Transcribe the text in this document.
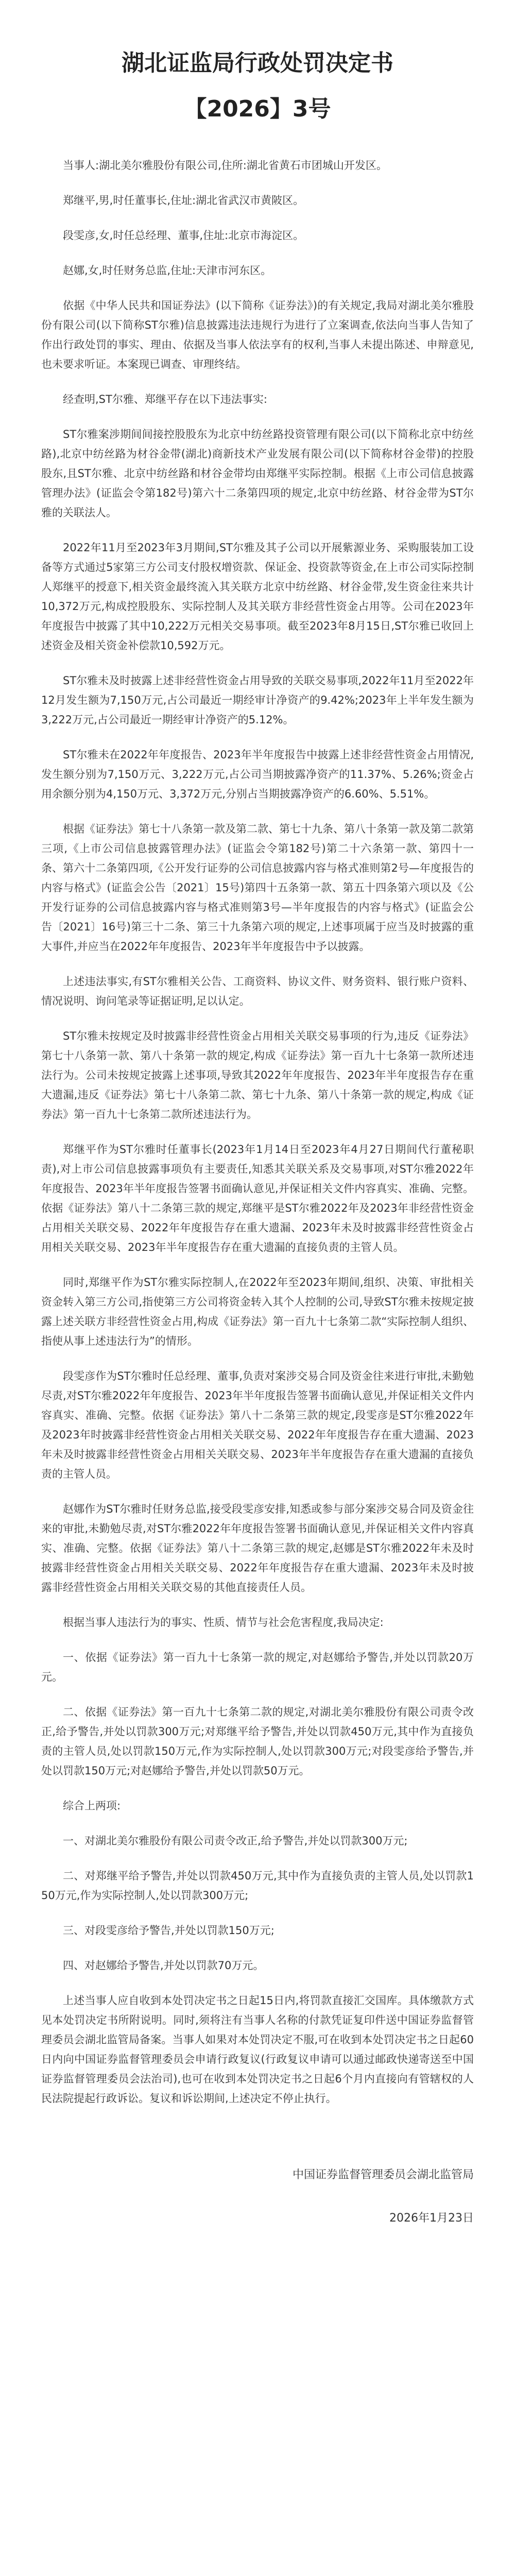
湖北证监局行政处罚决定书
【2026】3号

当事人:湖北美尔雅股份有限公司,住所:湖北省黄石市团城山开发区。

郑继平,男,时任董事长,住址:湖北省武汉市黄陂区。

段雯彦,女,时任总经理、董事,住址:北京市海淀区。

赵娜,女,时任财务总监,住址:天津市河东区。

依据《中华人民共和国证券法》(以下简称《证券法》)的有关规定,我局对湖北美尔雅股份有限公司(以下简称ST尔雅)信息披露违法违规行为进行了立案调查,依法向当事人告知了作出行政处罚的事实、理由、依据及当事人依法享有的权利,当事人未提出陈述、申辩意见,也未要求听证。本案现已调查、审理终结。

经查明,ST尔雅、郑继平存在以下违法事实:

ST尔雅案涉期间间接控股股东为北京中纺丝路投资管理有限公司(以下简称北京中纺丝路),北京中纺丝路为材谷金带(湖北)商新技术产业发展有限公司(以下简称材谷金带)的控股股东,且ST尔雅、北京中纺丝路和材谷金带均由郑继平实际控制。根据《上市公司信息披露管理办法》(证监会令第182号)第六十二条第四项的规定,北京中纺丝路、材谷金带为ST尔雅的关联法人。

2022年11月至2023年3月期间,ST尔雅及其子公司以开展紫源业务、采购服装加工设备等方式通过5家第三方公司支付股权增资款、保证金、投资款等资金,在上市公司实际控制人郑继平的授意下,相关资金最终流入其关联方北京中纺丝路、材谷金带,发生资金往来共计10,372万元,构成控股股东、实际控制人及其关联方非经营性资金占用等。公司在2023年年度报告中披露了其中10,222万元相关交易事项。截至2023年8月15日,ST尔雅已收回上述资金及相关资金补偿款10,592万元。

ST尔雅未及时披露上述非经营性资金占用导致的关联交易事项,2022年11月至2022年12月发生额为7,150万元,占公司最近一期经审计净资产的9.42%;2023年上半年发生额为3,222万元,占公司最近一期经审计净资产的5.12%。

ST尔雅未在2022年年度报告、2023年半年度报告中披露上述非经营性资金占用情况,发生额分别为7,150万元、3,222万元,占公司当期披露净资产的11.37%、5.26%;资金占用余额分别为4,150万元、3,372万元,分别占当期披露净资产的6.60%、5.51%。

根据《证券法》第七十八条第一款及第二款、第七十九条、第八十条第一款及第二款第三项,《上市公司信息披露管理办法》(证监会令第182号)第二十六条第一款、第四十一条、第六十二条第四项,《公开发行证券的公司信息披露内容与格式准则第2号—年度报告的内容与格式》(证监会公告〔2021〕15号)第四十五条第一款、第五十四条第六项以及《公开发行证券的公司信息披露内容与格式准则第3号—半年度报告的内容与格式》(证监会公告〔2021〕16号)第三十二条、第三十九条第六项的规定,上述事项属于应当及时披露的重大事件,并应当在2022年年度报告、2023年半年度报告中予以披露。

上述违法事实,有ST尔雅相关公告、工商资料、协议文件、财务资料、银行账户资料、情况说明、询问笔录等证据证明,足以认定。

ST尔雅未按规定及时披露非经营性资金占用相关关联交易事项的行为,违反《证券法》第七十八条第一款、第八十条第一款的规定,构成《证券法》第一百九十七条第一款所述违法行为。公司未按规定披露上述事项,导致其2022年年度报告、2023年半年度报告存在重大遗漏,违反《证券法》第七十八条第二款、第七十九条、第八十条第一款的规定,构成《证券法》第一百九十七条第二款所述违法行为。

郑继平作为ST尔雅时任董事长(2023年1月14日至2023年4月27日期间代行董秘职责),对上市公司信息披露事项负有主要责任,知悉其关联关系及交易事项,对ST尔雅2022年年度报告、2023年半年度报告签署书面确认意见,并保证相关文件内容真实、准确、完整。依据《证券法》第八十二条第三款的规定,郑继平是ST尔雅2022年及2023年非经营性资金占用相关关联交易、2022年年度报告存在重大遗漏、2023年未及时披露非经营性资金占用相关关联交易、2023年半年度报告存在重大遗漏的直接负责的主管人员。

同时,郑继平作为ST尔雅实际控制人,在2022年至2023年期间,组织、决策、审批相关资金转入第三方公司,指使第三方公司将资金转入其个人控制的公司,导致ST尔雅未按规定披露上述关联方非经营性资金占用,构成《证券法》第一百九十七条第二款“实际控制人组织、指使从事上述违法行为”的情形。

段雯彦作为ST尔雅时任总经理、董事,负责对案涉交易合同及资金往来进行审批,未勤勉尽责,对ST尔雅2022年年度报告、2023年半年度报告签署书面确认意见,并保证相关文件内容真实、准确、完整。依据《证券法》第八十二条第三款的规定,段雯彦是ST尔雅2022年及2023年时披露非经营性资金占用相关关联交易、2022年年度报告存在重大遗漏、2023年未及时披露非经营性资金占用相关关联交易、2023年半年度报告存在重大遗漏的直接负责的主管人员。

赵娜作为ST尔雅时任财务总监,接受段雯彦安排,知悉或参与部分案涉交易合同及资金往来的审批,未勤勉尽责,对ST尔雅2022年年度报告签署书面确认意见,并保证相关文件内容真实、准确、完整。依据《证券法》第八十二条第三款的规定,赵娜是ST尔雅2022年未及时披露非经营性资金占用相关关联交易、2022年年度报告存在重大遗漏、2023年未及时披露非经营性资金占用相关关联交易的其他直接责任人员。

根据当事人违法行为的事实、性质、情节与社会危害程度,我局决定:

一、依据《证券法》第一百九十七条第一款的规定,对赵娜给予警告,并处以罚款20万元。

二、依据《证券法》第一百九十七条第二款的规定,对湖北美尔雅股份有限公司责令改正,给予警告,并处以罚款300万元;对郑继平给予警告,并处以罚款450万元,其中作为直接负责的主管人员,处以罚款150万元,作为实际控制人,处以罚款300万元;对段雯彦给予警告,并处以罚款150万元;对赵娜给予警告,并处以罚款50万元。

综合上两项:

一、对湖北美尔雅股份有限公司责令改正,给予警告,并处以罚款300万元;

二、对郑继平给予警告,并处以罚款450万元,其中作为直接负责的主管人员,处以罚款150万元,作为实际控制人,处以罚款300万元;

三、对段雯彦给予警告,并处以罚款150万元;

四、对赵娜给予警告,并处以罚款70万元。

上述当事人应自收到本处罚决定书之日起15日内,将罚款直接汇交国库。具体缴款方式见本处罚决定书所附说明。同时,须将注有当事人名称的付款凭证复印件送中国证券监督管理委员会湖北监管局备案。当事人如果对本处罚决定不服,可在收到本处罚决定书之日起60日内向中国证券监督管理委员会申请行政复议(行政复议申请可以通过邮政快递寄送至中国证券监督管理委员会法治司),也可在收到本处罚决定书之日起6个月内直接向有管辖权的人民法院提起行政诉讼。复议和诉讼期间,上述决定不停止执行。

中国证券监督管理委员会湖北监管局
2026年1月23日
